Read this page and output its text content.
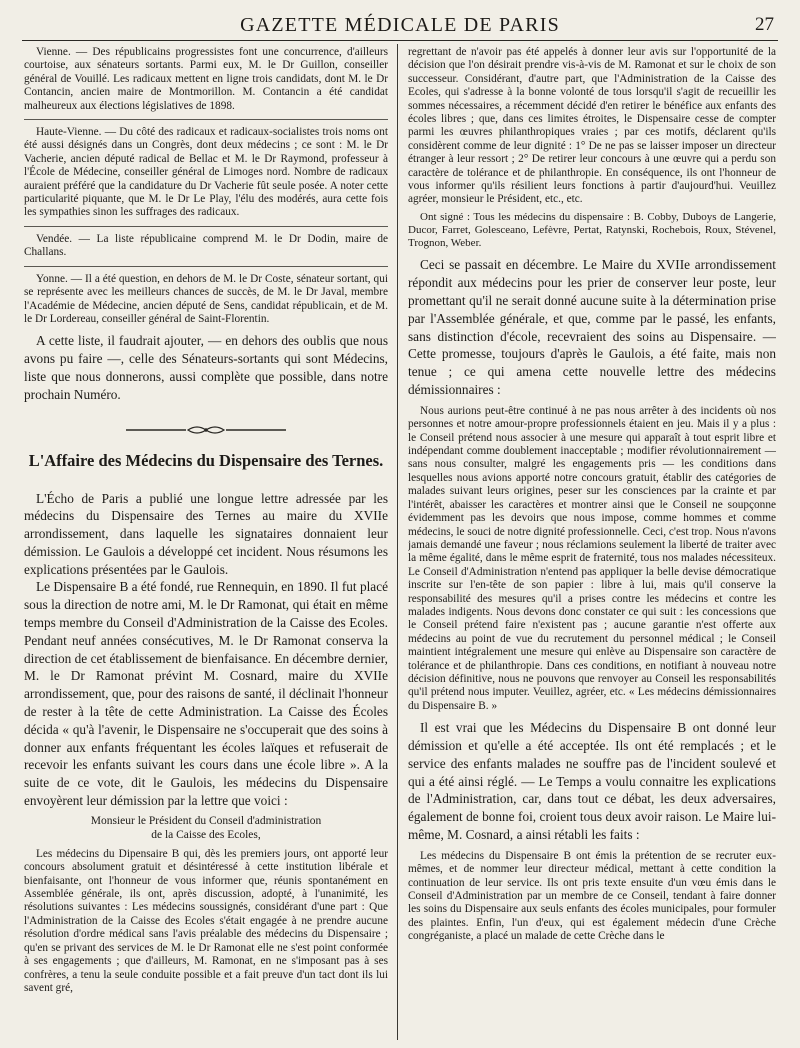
GAZETTE MÉDICALE DE PARIS	27

Vienne. — Des républicains progressistes font une concurrence, d'ailleurs courtoise, aux sénateurs sortants. Parmi eux, M. le Dr Guillon, conseiller général de Vouillé. Les radicaux mettent en ligne trois candidats, dont M. le Dr Contancin, ancien maire de Montmorillon. M. Contancin a été candidat malheureux aux élections législatives de 1898.

Haute-Vienne. — Du côté des radicaux et radicaux-socialistes trois noms ont été aussi désignés dans un Congrès, dont deux médecins ; ce sont : M. le Dr Vacherie, ancien député radical de Bellac et M. le Dr Raymond, professeur à l'École de Médecine, conseiller général de Limoges nord. Nombre de radicaux auraient préféré que la candidature du Dr Vacherie fût seule posée. A noter cette particularité piquante, que M. le Dr Le Play, l'élu des modérés, aura cette fois les sympathies sinon les suffrages des radicaux.

Vendée. — La liste républicaine comprend M. le Dr Dodin, maire de Challans.

Yonne. — Il a été question, en dehors de M. le Dr Coste, sénateur sortant, qui se représente avec les meilleurs chances de succès, de M. le Dr Javal, membre l'Académie de Médecine, ancien député de Sens, candidat républicain, et de M. le Dr Lordereau, conseiller général de Saint-Florentin.

A cette liste, il faudrait ajouter, — en dehors des oublis que nous avons pu faire —, celle des Sénateurs-sortants qui sont Médecins, liste que nous donnerons, aussi complète que possible, dans notre prochain Numéro.

L'Affaire des Médecins du Dispensaire des Ternes.

L'Écho de Paris a publié une longue lettre adressée par les médecins du Dispensaire des Ternes au maire du XVIIe arrondissement, dans laquelle les signataires donnaient leur démission. Le Gaulois a développé cet incident. Nous résumons les explications présentées par le Gaulois.

Le Dispensaire B a été fondé, rue Rennequin, en 1890. Il fut placé sous la direction de notre ami, M. le Dr Ramonat, qui était en même temps membre du Conseil d'Administration de la Caisse des Ecoles. Pendant neuf années consécutives, M. le Dr Ramonat conserva la direction de cet établissement de bienfaisance. En décembre dernier, M. le Dr Ramonat prévint M. Cosnard, maire du XVIIe arrondissement, que, pour des raisons de santé, il déclinait l'honneur de rester à la tête de cette Administration. La Caisse des Écoles décida « qu'à l'avenir, le Dispensaire ne s'occuperait que des soins à donner aux enfants fréquentant les écoles laïques et refuserait de recevoir les enfants suivant les cours dans une école libre ». A la suite de ce vote, dit le Gaulois, les médecins du Dispensaire envoyèrent leur démission par la lettre que voici :

Monsieur le Président du Conseil d'administration
de la Caisse des Ecoles,

Les médecins du Dipensaire B qui, dès les premiers jours, ont apporté leur concours absolument gratuit et désintéressé à cette institution libérale et bienfaisante, ont l'honneur de vous informer que, réunis spontanément en Assemblée générale, ils ont, après discussion, adopté, à l'unanimité, les résolutions suivantes : Les médecins soussignés, considérant d'une part : Que l'Administration de la Caisse des Ecoles s'était engagée à ne prendre aucune résolution d'ordre médical sans l'avis préalable des médecins du Dispensaire ; qu'en se privant des services de M. le Dr Ramonat elle ne s'est point conformée à ses engagements ; que d'ailleurs, M. Ramonat, en ne s'imposant pas à ses confrères, a tenu la seule conduite possible et a fait preuve d'un tact dont ils lui savent gré,

regrettant de n'avoir pas été appelés à donner leur avis sur l'opportunité de la décision que l'on désirait prendre vis-à-vis de M. Ramonat et sur le choix de son successeur. Considérant, d'autre part, que l'Administration de la Caisse des Ecoles, qui s'adresse à la bonne volonté de tous lorsqu'il s'agit de recueillir les sommes nécessaires, a récemment décidé d'en retirer le bénéfice aux enfants des écoles libres ; que, dans ces limites étroites, le Dispensaire cesse de compter parmi les œuvres philanthropiques vraies ; par ces motifs, déclarent qu'ils considèrent comme de leur dignité : 1° De ne pas se laisser imposer un directeur étranger à leur ressort ; 2° De retirer leur concours à une œuvre qui a perdu son caractère de tolérance et de philanthropie. En conséquence, ils ont l'honneur de vous informer qu'ils résilient leurs fonctions à partir d'aujourd'hui. Veuillez agréer, monsieur le Président, etc., etc.

Ont signé : Tous les médecins du dispensaire : B. Cobby, Duboys de Langerie, Ducor, Farret, Golesceano, Lefèvre, Pertat, Ratynski, Rochebois, Roux, Stévenel, Trognon, Weber.

Ceci se passait en décembre. Le Maire du XVIIe arrondissement répondit aux médecins pour les prier de conserver leur poste, leur promettant qu'il ne serait donné aucune suite à la détermination prise par l'Assemblée générale, et que, comme par le passé, les enfants, sans distinction d'école, recevraient des soins au Dispensaire. — Cette promesse, toujours d'après le Gaulois, a été faite, mais non tenue ; ce qui amena cette nouvelle lettre des médecins démissionnaires :

Nous aurions peut-être continué à ne pas nous arrêter à des incidents où nos personnes et notre amour-propre professionnels étaient en jeu. Mais il y a plus : le Conseil prétend nous associer à une mesure qui apparaît à tout esprit libre et indépendant comme doublement inacceptable ; modifier révolutionnairement — sans nous consulter, malgré les engagements pris — les conditions dans lesquelles nous avions apporté notre concours gratuit, établir des catégories de malades suivant leurs origines, peser sur les consciences par la crainte et par l'intérêt, abaisser les caractères et montrer ainsi que le Conseil ne soupçonne évidemment pas les devoirs que nous impose, comme hommes et comme médecins, le souci de notre dignité professionnelle. Ceci, c'est trop. Nous n'avons jamais demandé une faveur ; nous réclamions seulement la liberté de traiter avec la même égalité, dans le même esprit de fraternité, tous nos malades nécessiteux. Le Conseil d'Administration n'entend pas appliquer la belle devise démocratique inscrite sur l'en-tête de son papier : libre à lui, mais qu'il conserve la responsabilité des mesures qu'il a prises contre les médecins et contre les malades indigents. Nous devons donc constater ce qui suit : les concessions que le Conseil prétend faire n'existent pas ; aucune garantie n'est offerte aux médecins au point de vue du recrutement du personnel médical ; le Conseil maintient intégralement une mesure qui enlève au Dispensaire son caractère de tolérance et de philanthropie. Dans ces conditions, en notifiant à nouveau notre décision définitive, nous ne pouvons que renvoyer au Conseil les responsabilités qu'il prétend nous imputer. Veuillez, agréer, etc. « Les médecins démissionnaires du Dispensaire B. »

Il est vrai que les Médecins du Dispensaire B ont donné leur démission et qu'elle a été acceptée. Ils ont été remplacés ; et le service des enfants malades ne souffre pas de l'incident soulevé et qui a été ainsi réglé. — Le Temps a voulu connaitre les explications de l'Administration, car, dans tout ce débat, les deux adversaires, également de bonne foi, croient tous deux avoir raison. Le Maire lui-même, M. Cosnard, a ainsi rétabli les faits :

Les médecins du Dispensaire B ont émis la prétention de se recruter eux-mêmes, et de nommer leur directeur médical, mettant à cette condition la continuation de leur service. Ils ont pris texte ensuite d'un vœu émis dans le Conseil d'Administration par un membre de ce Conseil, tendant à faire donner les soins du Dispensaire aux seuls enfants des écoles municipales, pour formuler des plaintes. Enfin, l'un d'eux, qui est également médecin d'une Crèche congréganiste, a placé un malade de cette Crèche dans le
